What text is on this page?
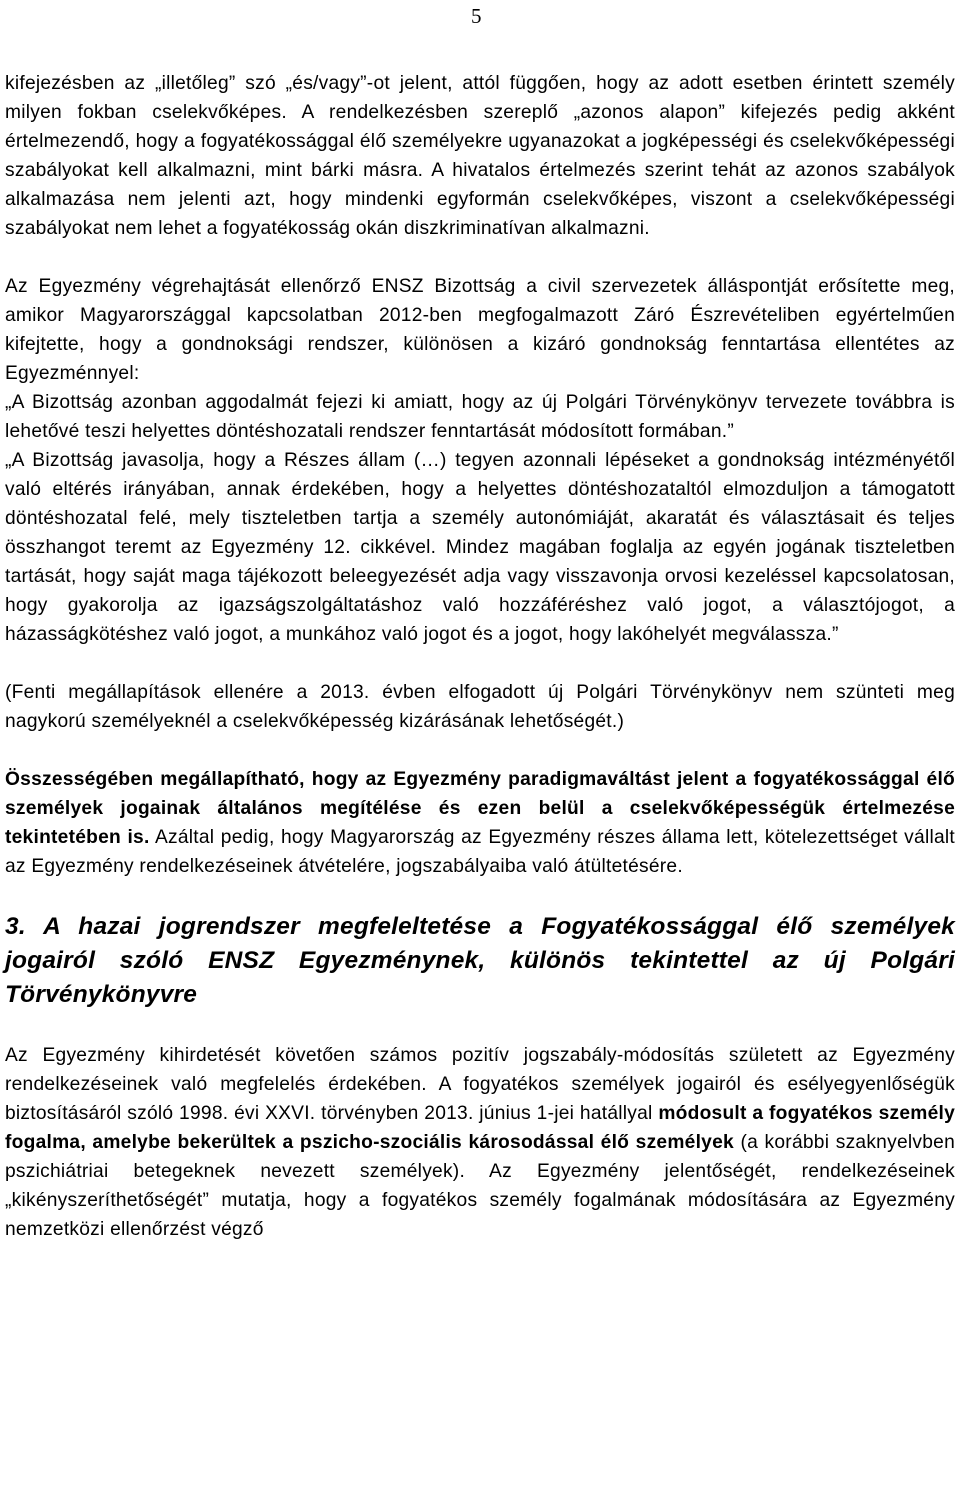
5

kifejezésben az „illetőleg” szó „és/vagy”-ot jelent, attól függően, hogy az adott esetben érintett személy milyen fokban cselekvőképes. A rendelkezésben szereplő „azonos alapon” kifejezés pedig akként értelmezendő, hogy a fogyatékossággal élő személyekre ugyanazokat a jogképességi és cselekvőképességi szabályokat kell alkalmazni, mint bárki másra. A hivatalos értelmezés szerint tehát az azonos szabályok alkalmazása nem jelenti azt, hogy mindenki egyformán cselekvőképes, viszont a cselekvőképességi szabályokat nem lehet a fogyatékosság okán diszkriminatívan alkalmazni.

Az Egyezmény végrehajtását ellenőrző ENSZ Bizottság a civil szervezetek álláspontját erősítette meg, amikor Magyarországgal kapcsolatban 2012-ben megfogalmazott Záró Észrevételiben egyértelműen kifejtette, hogy a gondnoksági rendszer, különösen a kizáró gondnokság fenntartása ellentétes az Egyezménnyel:

„A Bizottság azonban aggodalmát fejezi ki amiatt, hogy az új Polgári Törvénykönyv tervezete továbbra is lehetővé teszi helyettes döntéshozatali rendszer fenntartását módosított formában.”

„A Bizottság javasolja, hogy a Részes állam (…) tegyen azonnali lépéseket a gondnokság intézményétől való eltérés irányában, annak érdekében, hogy a helyettes döntéshozataltól elmozduljon a támogatott döntéshozatal felé, mely tiszteletben tartja a személy autonómiáját, akaratát és választásait és teljes összhangot teremt az Egyezmény 12. cikkével. Mindez magában foglalja az egyén jogának tiszteletben tartását, hogy saját maga tájékozott beleegyezését adja vagy visszavonja orvosi kezeléssel kapcsolatosan, hogy gyakorolja az igazságszolgáltatáshoz való hozzáféréshez való jogot, a választójogot, a házasságkötéshez való jogot, a munkához való jogot és a jogot, hogy lakóhelyét megválassza.”

(Fenti megállapítások ellenére a 2013. évben elfogadott új Polgári Törvénykönyv nem szünteti meg nagykorú személyeknél a cselekvőképesség kizárásának lehetőségét.)

Összességében megállapítható, hogy az Egyezmény paradigmaváltást jelent a fogyatékossággal élő személyek jogainak általános megítélése és ezen belül a cselekvőképességük értelmezése tekintetében is. Azáltal pedig, hogy Magyarország az Egyezmény részes állama lett, kötelezettséget vállalt az Egyezmény rendelkezéseinek átvételére, jogszabályaiba való átültetésére.

3. A hazai jogrendszer megfeleltetése a Fogyatékossággal élő személyek jogairól szóló ENSZ Egyezménynek, különös tekintettel az új Polgári Törvénykönyvre

Az Egyezmény kihirdetését követően számos pozitív jogszabály-módosítás született az Egyezmény rendelkezéseinek való megfelelés érdekében. A fogyatékos személyek jogairól és esélyegyenlőségük biztosításáról szóló 1998. évi XXVI. törvényben 2013. június 1-jei hatállyal módosult a fogyatékos személy fogalma, amelybe bekerültek a pszicho-szociális károsodással élő személyek (a korábbi szaknyelvben pszichiátriai betegeknek nevezett személyek). Az Egyezmény jelentőségét, rendelkezéseinek „kikényszeríthetőségét” mutatja, hogy a fogyatékos személy fogalmának módosítására az Egyezmény nemzetközi ellenőrzést végző
